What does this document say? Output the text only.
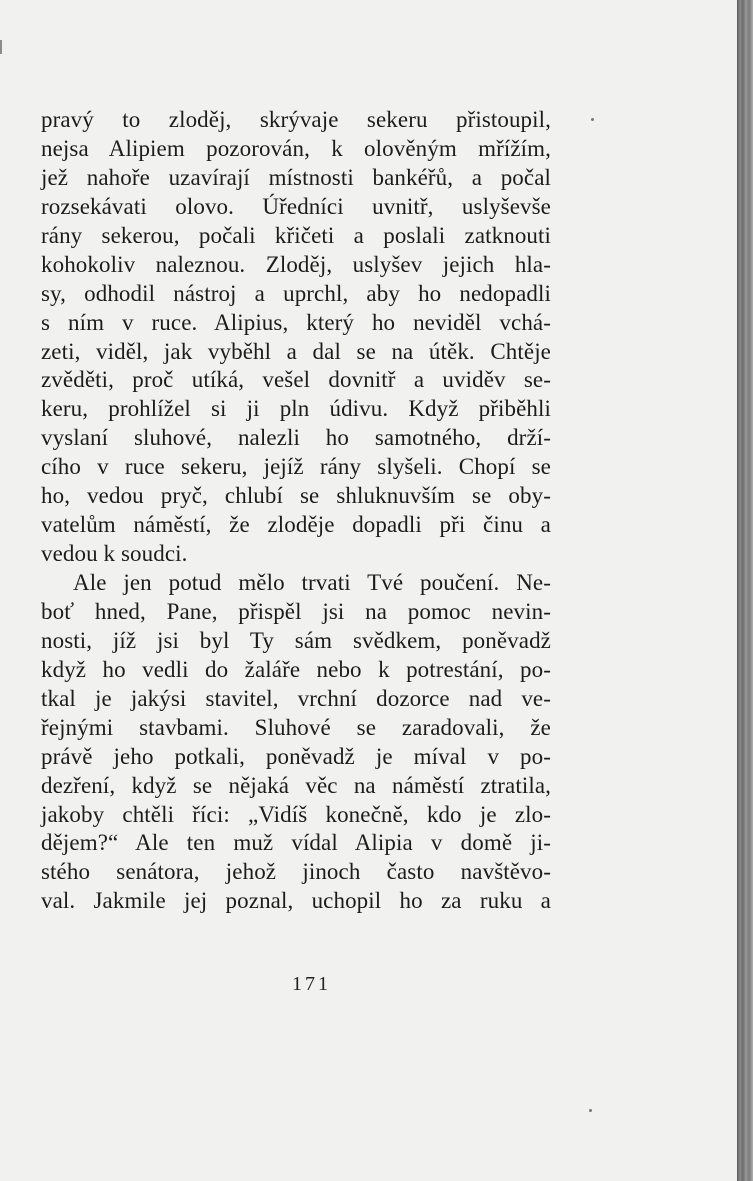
pravý to zloděj, skrývaje sekeru přistoupil,
nejsa Alipiem pozorován, k olověným mřížím,
jež nahoře uzavírají místnosti bankéřů, a počal
rozsekávati olovo. Úředníci uvnitř, uslyševše
rány sekerou, počali křičeti a poslali zatknouti
kohokoliv naleznou. Zloděj, uslyšev jejich hla-
sy, odhodil nástroj a uprchl, aby ho nedopadli
s ním v ruce. Alipius, který ho neviděl vchá-
zeti, viděl, jak vyběhl a dal se na útěk. Chtěje
zvěděti, proč utíká, vešel dovnitř a uviděv se-
keru, prohlížel si ji pln údivu. Když přiběhli
vyslaní sluhové, nalezli ho samotného, drží-
cího v ruce sekeru, jejíž rány slyšeli. Chopí se
ho, vedou pryč, chlubí se shluknuvším se oby-
vatelům náměstí, že zloděje dopadli při činu a
vedou k soudci.
Ale jen potud mělo trvati Tvé poučení. Ne-
boť hned, Pane, přispěl jsi na pomoc nevin-
nosti, jíž jsi byl Ty sám svědkem, poněvadž
když ho vedli do žaláře nebo k potrestání, po-
tkal je jakýsi stavitel, vrchní dozorce nad ve-
řejnými stavbami. Sluhové se zaradovali, že
právě jeho potkali, poněvadž je míval v po-
dezření, když se nějaká věc na náměstí ztratila,
jakoby chtěli říci: „Vidíš konečně, kdo je zlo-
dějem?“ Ale ten muž vídal Alipia v domě ji-
stého senátora, jehož jinoch často navštěvo-
val. Jakmile jej poznal, uchopil ho za ruku a
171
